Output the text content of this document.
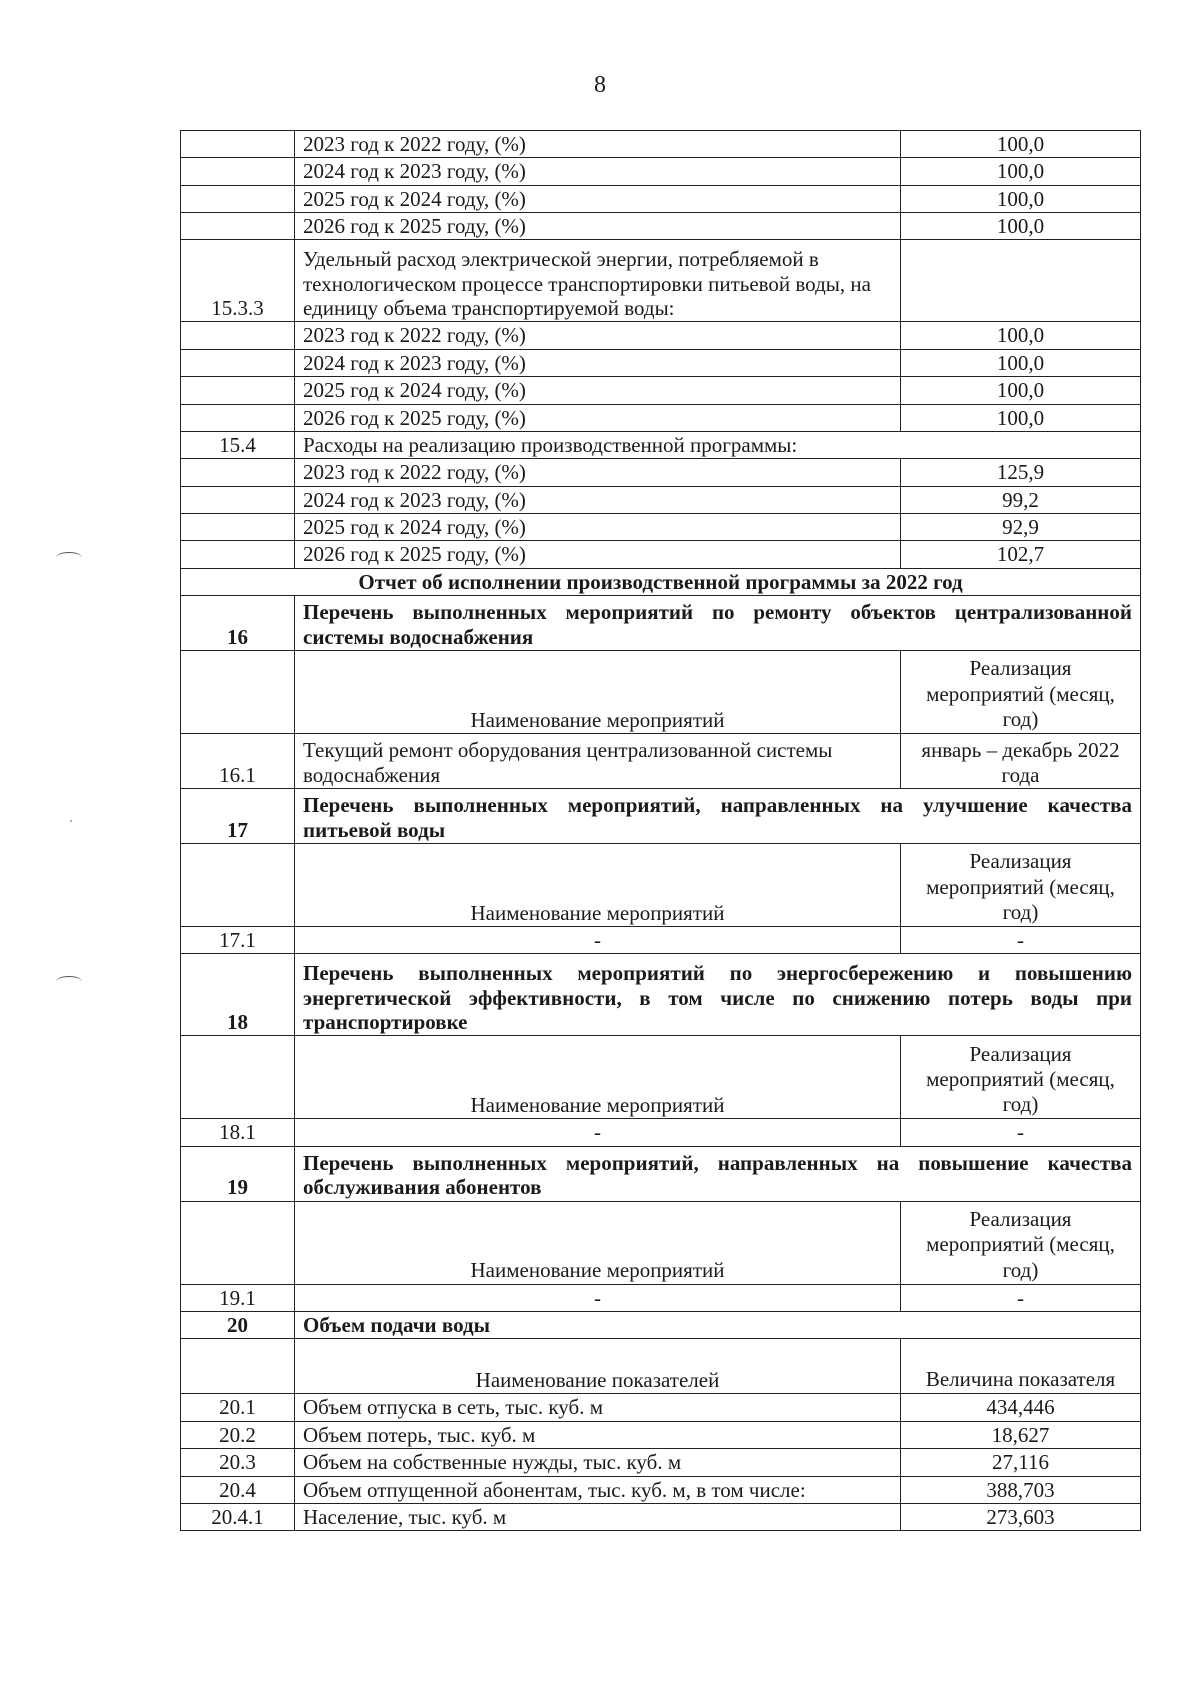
8
	2023 год к 2022 году, (%)	100,0
	2024 год к 2023 году, (%)	100,0
	2025 год к 2024 году, (%)	100,0
	2026 год к 2025 году, (%)	100,0
15.3.3	Удельный расход электрической энергии, потребляемой в технологическом процессе транспортировки питьевой воды, на единицу объема транспортируемой воды:	
	2023 год к 2022 году, (%)	100,0
	2024 год к 2023 году, (%)	100,0
	2025 год к 2024 году, (%)	100,0
	2026 год к 2025 году, (%)	100,0
15.4	Расходы на реализацию производственной программы:	
	2023 год к 2022 году, (%)	125,9
	2024 год к 2023 году, (%)	99,2
	2025 год к 2024 году, (%)	92,9
	2026 год к 2025 году, (%)	102,7
Отчет об исполнении производственной программы за 2022 год		
16	Перечень выполненных мероприятий по ремонту объектов централизованной системы водоснабжения	
	Наименование мероприятий	Реализация мероприятий (месяц, год)
16.1	Текущий ремонт оборудования централизованной системы водоснабжения	январь – декабрь 2022 года
17	Перечень выполненных мероприятий, направленных на улучшение качества питьевой воды	
	Наименование мероприятий	Реализация мероприятий (месяц, год)
17.1	-	-
18	Перечень выполненных мероприятий по энергосбережению и повышению энергетической эффективности, в том числе по снижению потерь воды при транспортировке	
	Наименование мероприятий	Реализация мероприятий (месяц, год)
18.1	-	-
19	Перечень выполненных мероприятий, направленных на повышение качества обслуживания абонентов	
	Наименование мероприятий	Реализация мероприятий (месяц, год)
19.1	-	-
20	Объем подачи воды	
	Наименование показателей	Величина показателя
20.1	Объем отпуска в сеть, тыс. куб. м	434,446
20.2	Объем потерь, тыс. куб. м	18,627
20.3	Объем на собственные нужды, тыс. куб. м	27,116
20.4	Объем отпущенной абонентам, тыс. куб. м, в том числе:	388,703
20.4.1	Население, тыс. куб. м	273,603
